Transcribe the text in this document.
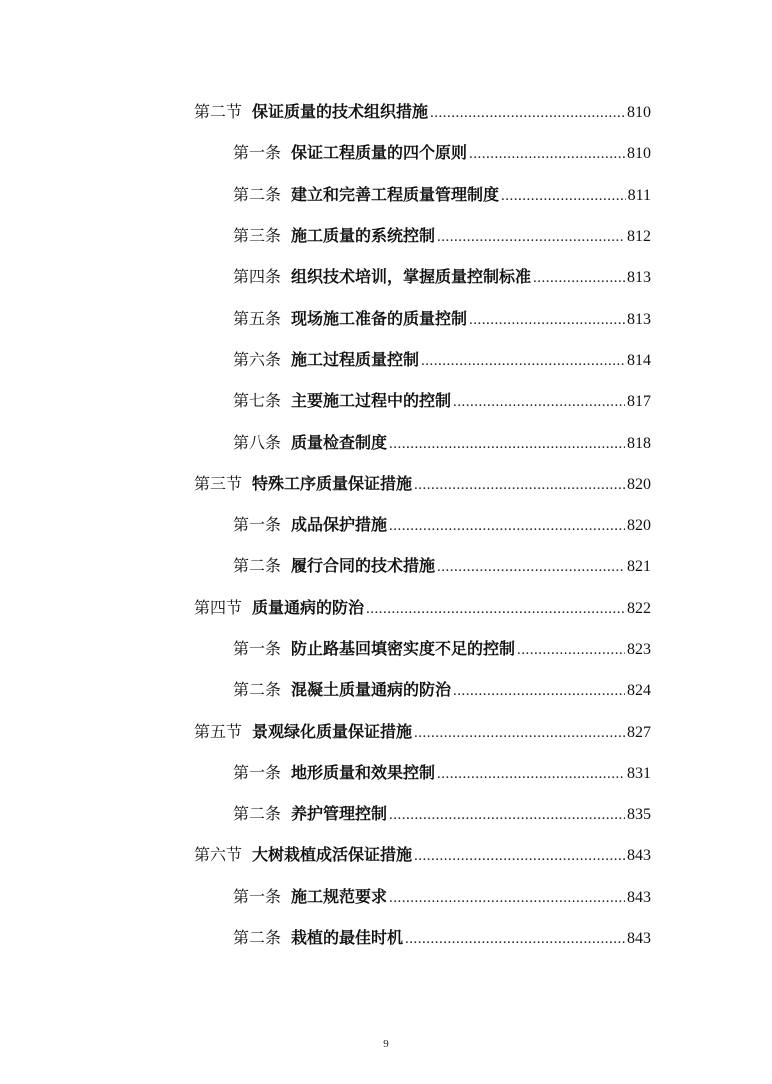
第二节 保证质量的技术组织措施 .....	810
第一条 保证工程质量的四个原则 .....	810
第二条 建立和完善工程质量管理制度 .....	811
第三条 施工质量的系统控制 .....	812
第四条 组织技术培训，掌握质量控制标准 .....	813
第五条 现场施工准备的质量控制 .....	813
第六条 施工过程质量控制 .....	814
第七条 主要施工过程中的控制 .....	817
第八条 质量检查制度 .....	818
第三节 特殊工序质量保证措施 .....	820
第一条 成品保护措施 .....	820
第二条 履行合同的技术措施 .....	821
第四节 质量通病的防治 .....	822
第一条 防止路基回填密实度不足的控制 .....	823
第二条 混凝土质量通病的防治 .....	824
第五节 景观绿化质量保证措施 .....	827
第一条 地形质量和效果控制 .....	831
第二条 养护管理控制 .....	835
第六节 大树栽植成活保证措施 .....	843
第一条 施工规范要求 .....	843
第二条 栽植的最佳时机 .....	843
9
